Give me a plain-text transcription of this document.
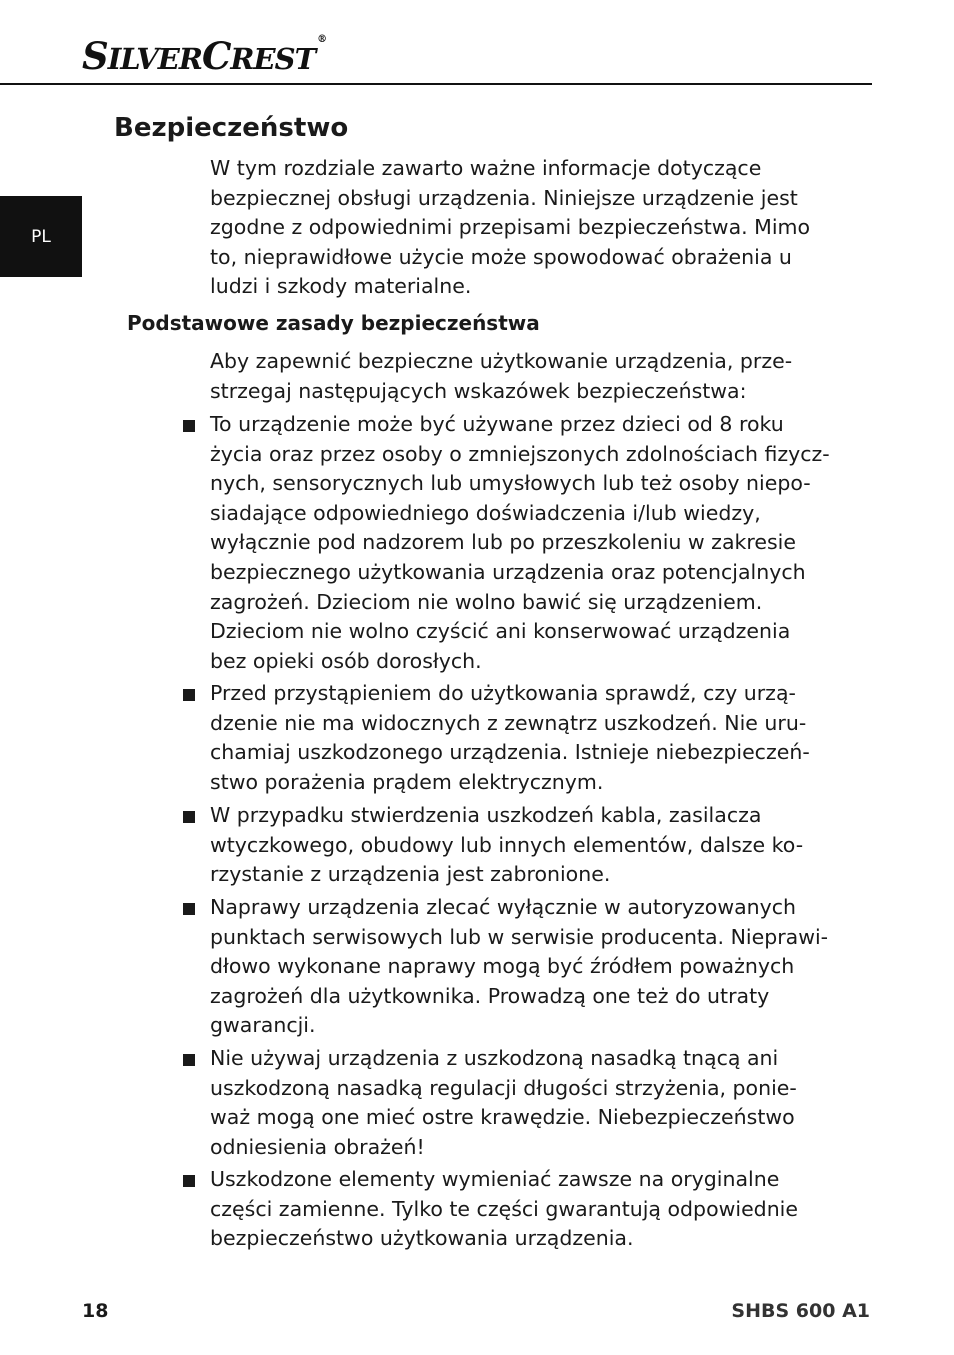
SILVERCREST®
PL
Bezpieczeństwo
W tym rozdziale zawarto ważne informacje dotyczące
bezpiecznej obsługi urządzenia. Niniejsze urządzenie jest
zgodne z odpowiednimi przepisami bezpieczeństwa. Mimo
to, nieprawidłowe użycie może spowodować obrażenia u
ludzi i szkody materialne.
Podstawowe zasady bezpieczeństwa
Aby zapewnić bezpieczne użytkowanie urządzenia, prze-
strzegaj następujących wskazówek bezpieczeństwa:
To urządzenie może być używane przez dzieci od 8 roku
życia oraz przez osoby o zmniejszonych zdolnościach fizycz-
nych, sensorycznych lub umysłowych lub też osoby niepo-
siadające odpowiedniego doświadczenia i/lub wiedzy,
wyłącznie pod nadzorem lub po przeszkoleniu w zakresie
bezpiecznego użytkowania urządzenia oraz potencjalnych
zagrożeń. Dzieciom nie wolno bawić się urządzeniem.
Dzieciom nie wolno czyścić ani konserwować urządzenia
bez opieki osób dorosłych.
Przed przystąpieniem do użytkowania sprawdź, czy urzą-
dzenie nie ma widocznych z zewnątrz uszkodzeń. Nie uru-
chamiaj uszkodzonego urządzenia. Istnieje niebezpieczeń-
stwo porażenia prądem elektrycznym.
W przypadku stwierdzenia uszkodzeń kabla, zasilacza
wtyczkowego, obudowy lub innych elementów, dalsze ko-
rzystanie z urządzenia jest zabronione.
Naprawy urządzenia zlecać wyłącznie w autoryzowanych
punktach serwisowych lub w serwisie producenta. Nieprawi-
dłowo wykonane naprawy mogą być źródłem poważnych
zagrożeń dla użytkownika. Prowadzą one też do utraty
gwarancji.
Nie używaj urządzenia z uszkodzoną nasadką tnącą ani
uszkodzoną nasadką regulacji długości strzyżenia, ponie-
waż mogą one mieć ostre krawędzie. Niebezpieczeństwo
odniesienia obrażeń!
Uszkodzone elementy wymieniać zawsze na oryginalne
części zamienne. Tylko te części gwarantują odpowiednie
bezpieczeństwo użytkowania urządzenia.
18	SHBS 600 A1
